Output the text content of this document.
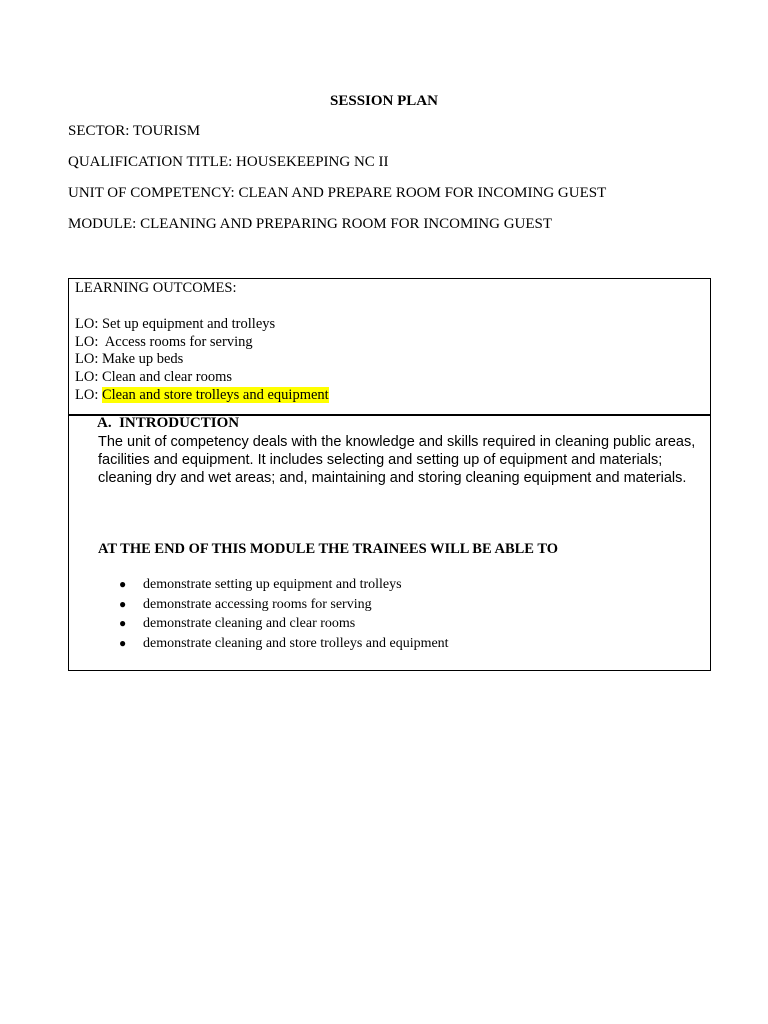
SESSION PLAN
SECTOR: TOURISM
QUALIFICATION TITLE: HOUSEKEEPING NC II
UNIT OF COMPETENCY: CLEAN AND PREPARE ROOM FOR INCOMING GUEST
MODULE: CLEANING AND PREPARING ROOM FOR INCOMING GUEST
LEARNING OUTCOMES:
LO: Set up equipment and trolleys
LO:  Access rooms for serving
LO: Make up beds
LO: Clean and clear rooms
LO: Clean and store trolleys and equipment
A.  INTRODUCTION
The unit of competency deals with the knowledge and skills required in cleaning public areas, facilities and equipment. It includes selecting and setting up of equipment and materials; cleaning dry and wet areas; and, maintaining and storing cleaning equipment and materials.
AT THE END OF THIS MODULE THE TRAINEES WILL BE ABLE TO
● demonstrate setting up equipment and trolleys
● demonstrate accessing rooms for serving
● demonstrate cleaning and clear rooms
● demonstrate cleaning and store trolleys and equipment
